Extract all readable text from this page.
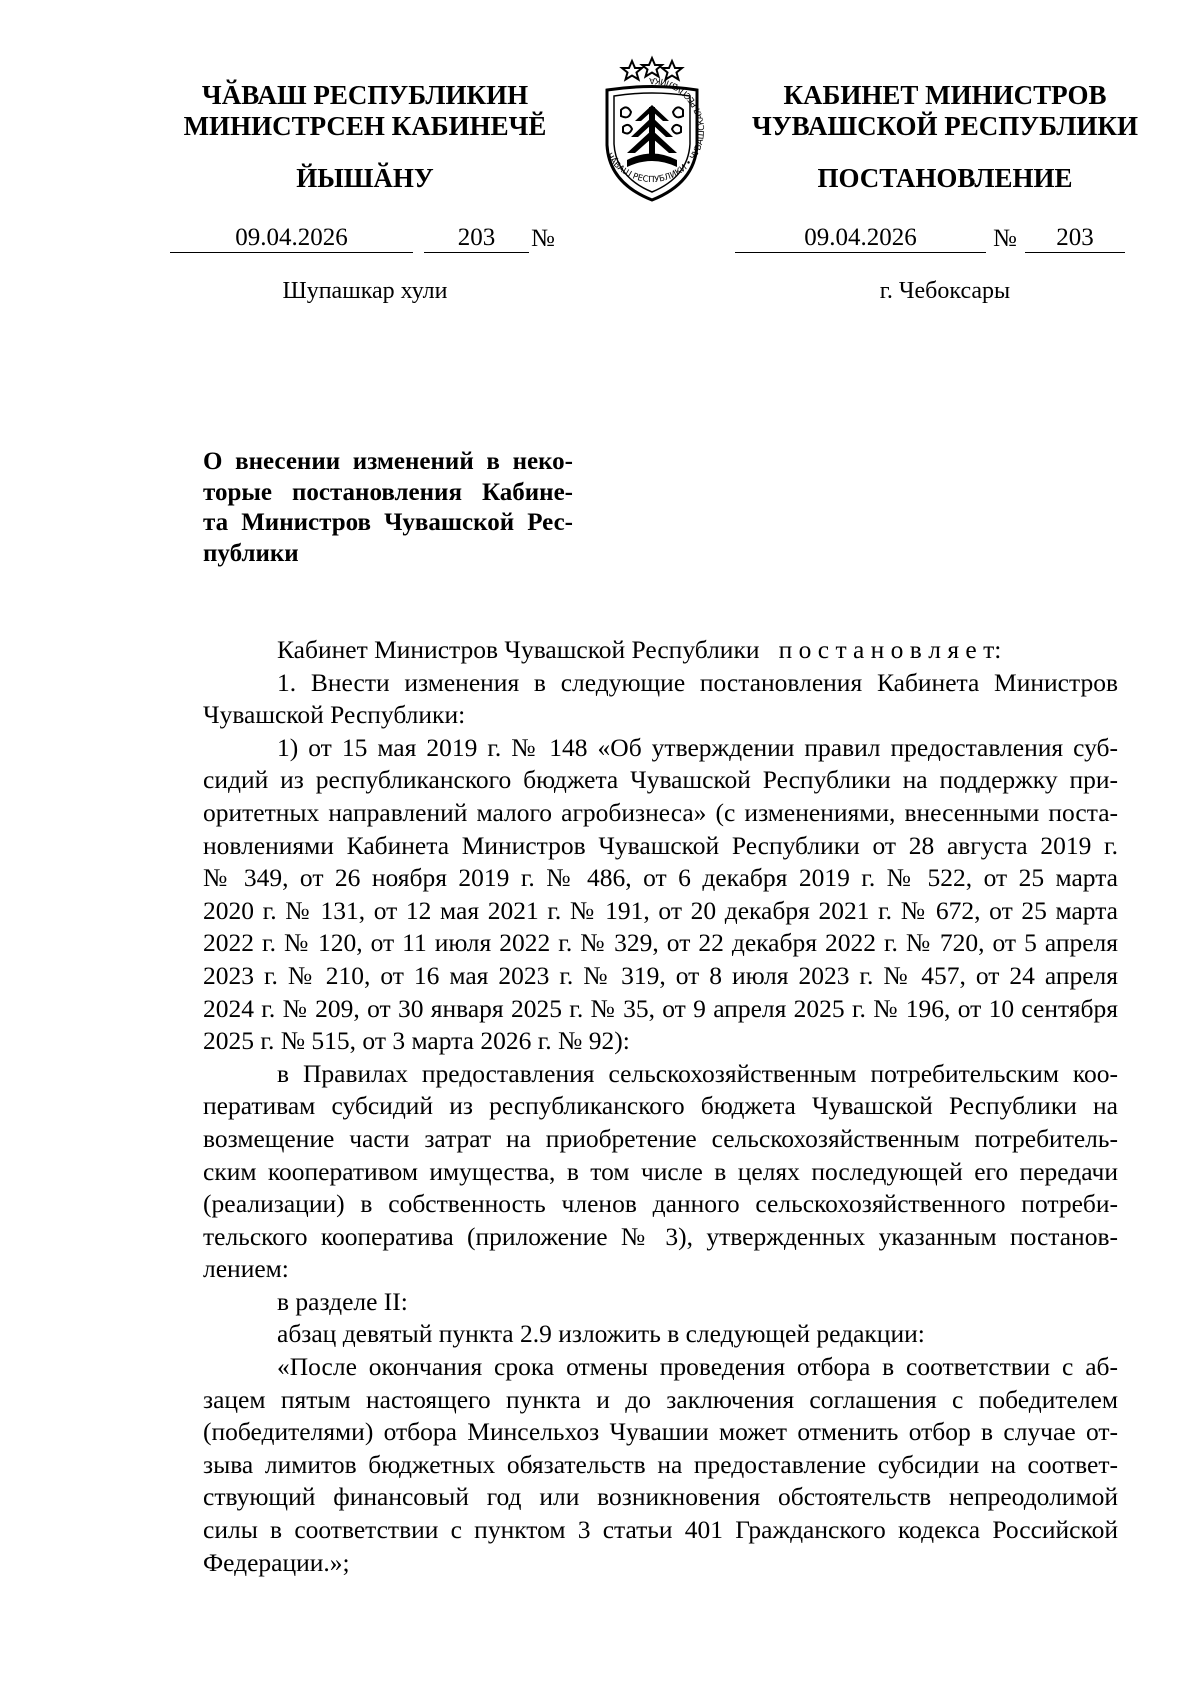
ЧӐВАШ РЕСПУБЛИКИН
МИНИСТРСЕН КАБИНЕЧӖ
ЙЫШӐНУ
ЧӐВАШ РЕСПУБЛИКИ • ЧУВАШСКАЯ РЕСПУБЛИКА	КАБИНЕТ МИНИСТРОВ
ЧУВАШСКОЙ РЕСПУБЛИКИ
ПОСТАНОВЛЕНИЕ
09.04.2026	203	№	09.04.2026	№	203
Шупашкар хули	г. Чебоксары
О внесении изменений в неко-
торые постановления Кабине-
та Министров Чувашской Рес-
публики

Кабинет Министров Чувашской Республики п о с т а н о в л я е т:

1. Внести изменения в следующие постановления Кабинета Министров
Чувашской Республики:
1) от 15 мая 2019 г. № 148 «Об утверждении правил предоставления суб-
сидий из республиканского бюджета Чувашской Республики на поддержку при-
оритетных направлений малого агробизнеса» (с изменениями, внесенными поста-
новлениями Кабинета Министров Чувашской Республики от 28 августа 2019 г.
№ 349, от 26 ноября 2019 г. № 486, от 6 декабря 2019 г. № 522, от 25 марта
2020 г. № 131, от 12 мая 2021 г. № 191, от 20 декабря 2021 г. № 672, от 25 марта
2022 г. № 120, от 11 июля 2022 г. № 329, от 22 декабря 2022 г. № 720, от 5 апреля
2023 г. № 210, от 16 мая 2023 г. № 319, от 8 июля 2023 г. № 457, от 24 апреля
2024 г. № 209, от 30 января 2025 г. № 35, от 9 апреля 2025 г. № 196, от 10 сентября
2025 г. № 515, от 3 марта 2026 г. № 92):
в Правилах предоставления сельскохозяйственным потребительским коо-
перативам субсидий из республиканского бюджета Чувашской Республики на
возмещение части затрат на приобретение сельскохозяйственным потребитель-
ским кооперативом имущества, в том числе в целях последующей его передачи
(реализации) в собственность членов данного сельскохозяйственного потреби-
тельского кооператива (приложение № 3), утвержденных указанным постанов-
лением:

в разделе II:

абзац девятый пункта 2.9 изложить в следующей редакции:

«После окончания срока отмены проведения отбора в соответствии с аб-
зацем пятым настоящего пункта и до заключения соглашения с победителем
(победителями) отбора Минсельхоз Чувашии может отменить отбор в случае от-
зыва лимитов бюджетных обязательств на предоставление субсидии на соответ-
ствующий финансовый год или возникновения обстоятельств непреодолимой
силы в соответствии с пунктом 3 статьи 401 Гражданского кодекса Российской
Федерации.»;
